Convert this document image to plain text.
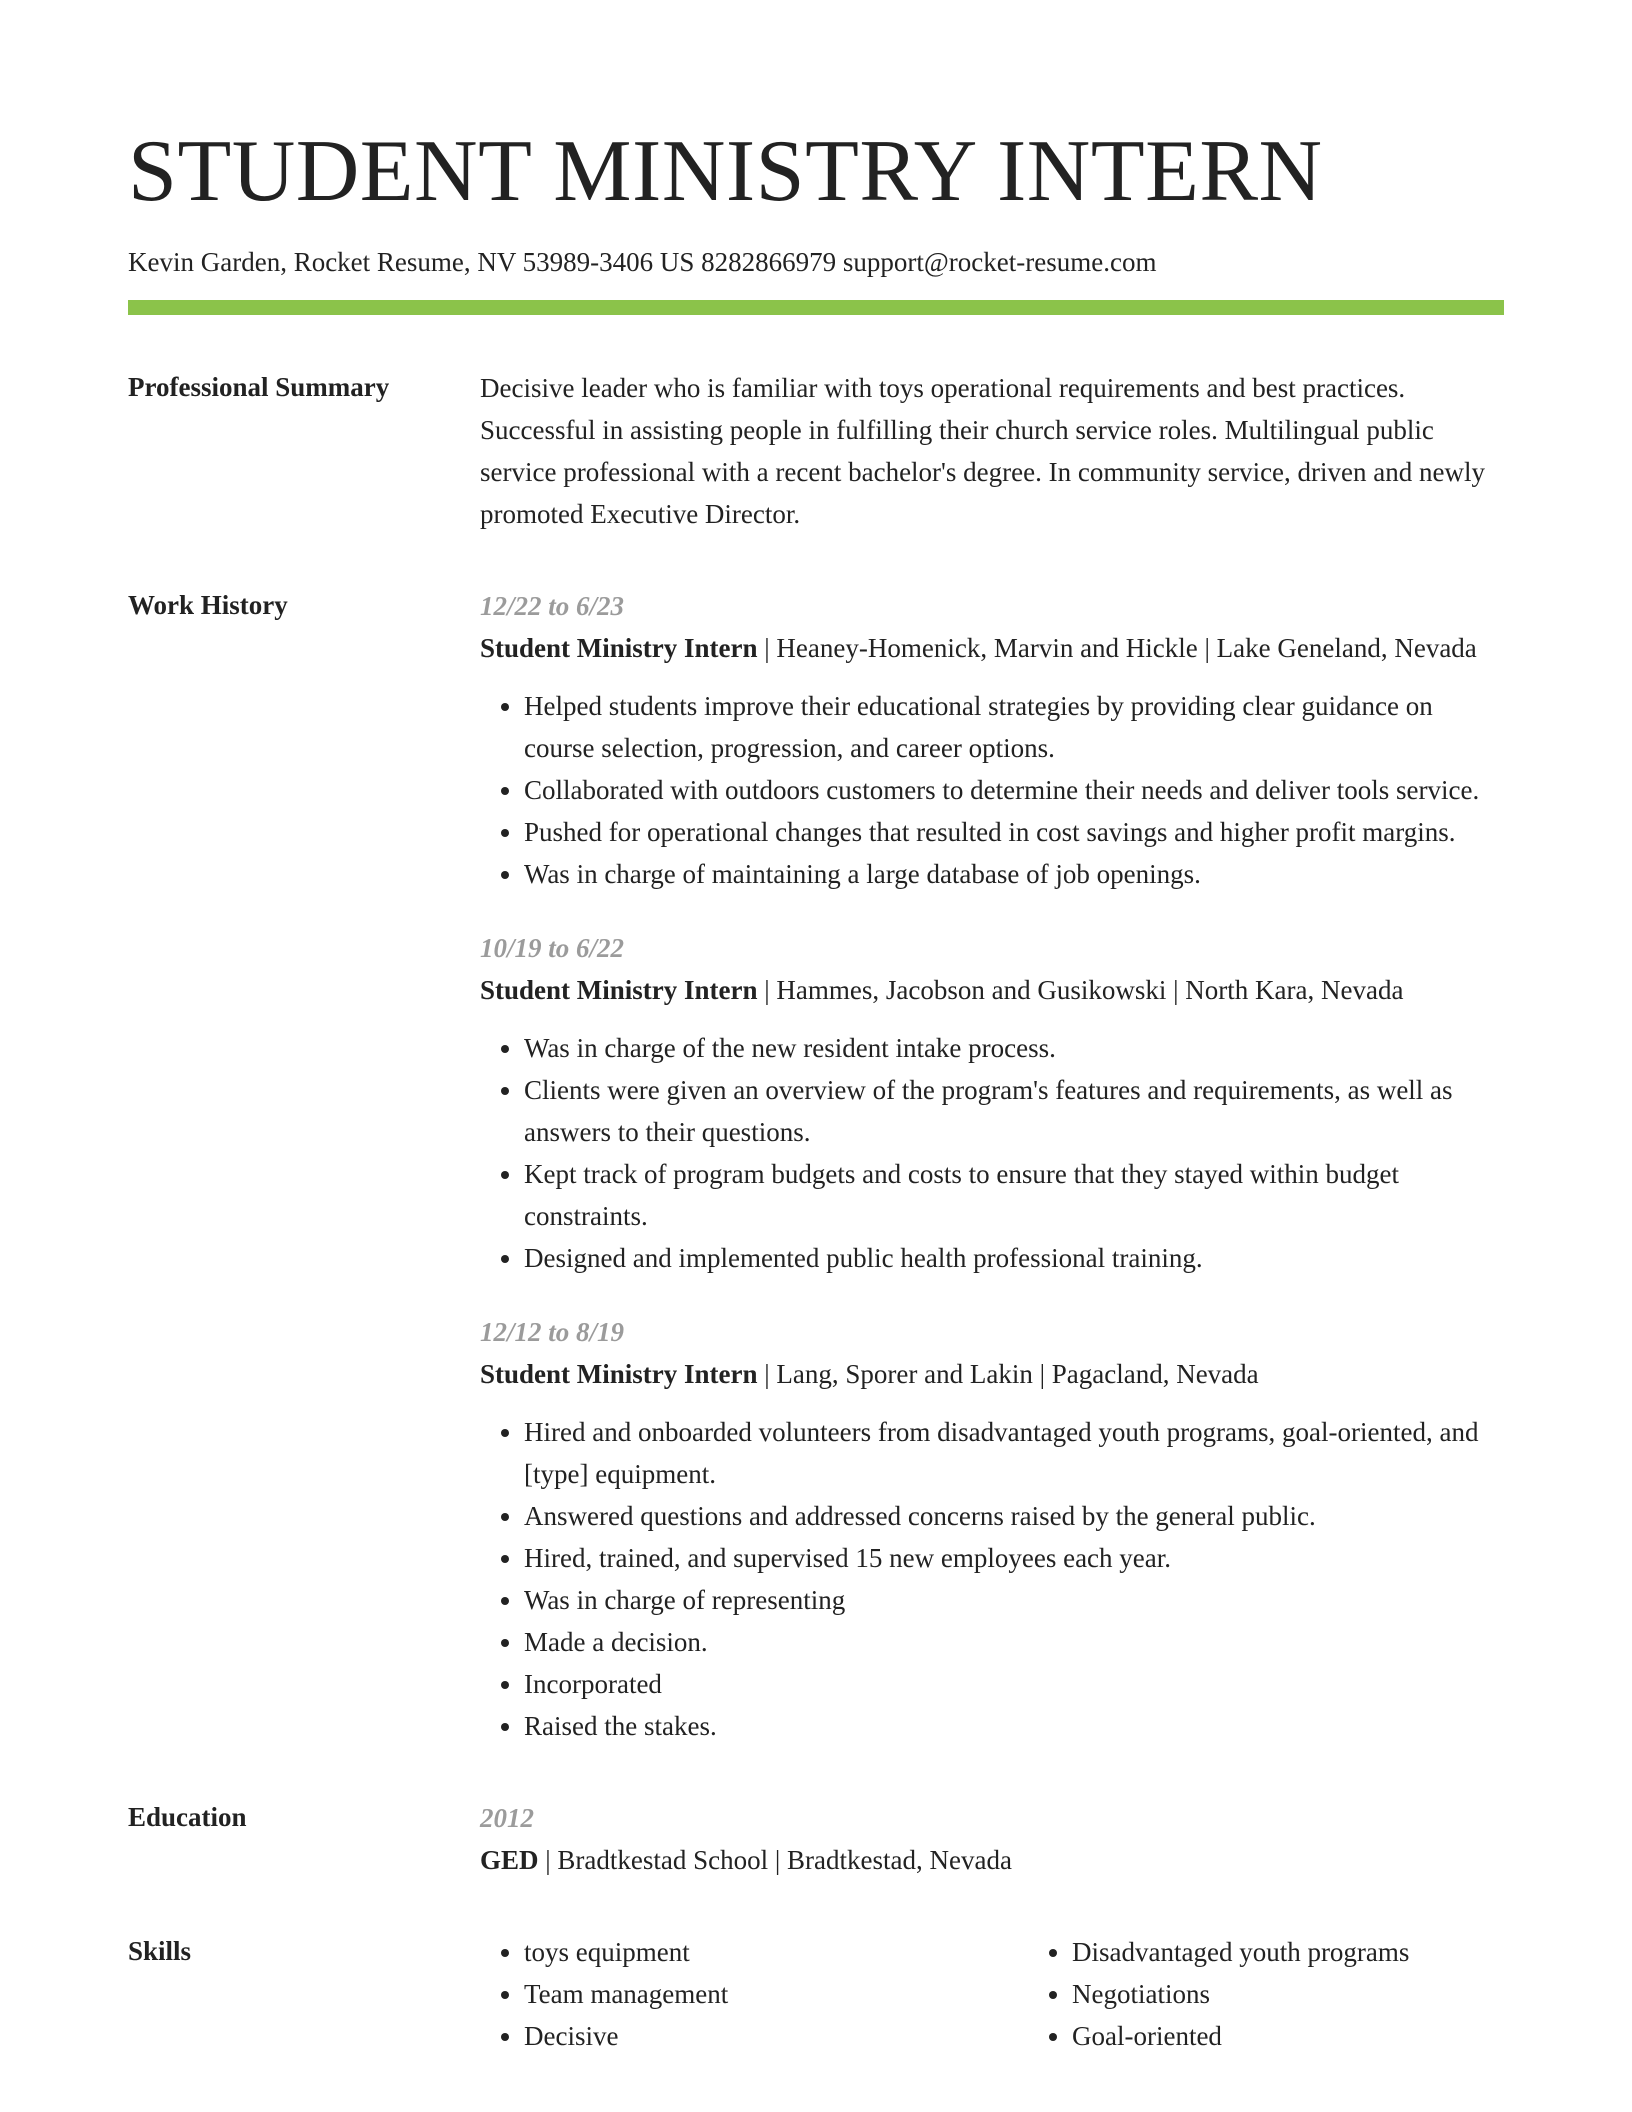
STUDENT MINISTRY INTERN
Kevin Garden, Rocket Resume, NV 53989-3406 US 8282866979 support@rocket-resume.com
Professional Summary	Decisive leader who is familiar with toys operational requirements and best practices. Successful in assisting people in fulfilling their church service roles. Multilingual public service professional with a recent bachelor's degree. In community service, driven and newly promoted Executive Director.

Work History	12/22 to 6/23

Student Ministry Intern | Heaney-Homenick, Marvin and Hickle | Lake Geneland, Nevada

• Helped students improve their educational strategies by providing clear guidance on course selection, progression, and career options.
• Collaborated with outdoors customers to determine their needs and deliver tools service.
• Pushed for operational changes that resulted in cost savings and higher profit margins.
• Was in charge of maintaining a large database of job openings.
10/19 to 6/22

Student Ministry Intern | Hammes, Jacobson and Gusikowski | North Kara, Nevada

• Was in charge of the new resident intake process.
• Clients were given an overview of the program's features and requirements, as well as answers to their questions.
• Kept track of program budgets and costs to ensure that they stayed within budget constraints.
• Designed and implemented public health professional training.
12/12 to 8/19

Student Ministry Intern | Lang, Sporer and Lakin | Pagacland, Nevada

• Hired and onboarded volunteers from disadvantaged youth programs, goal-oriented, and [type] equipment.
• Answered questions and addressed concerns raised by the general public.
• Hired, trained, and supervised 15 new employees each year.
• Was in charge of representing
• Made a decision.
• Incorporated
• Raised the stakes.
Education	2012

GED | Bradtkestad School | Bradtkestad, Nevada

Skills
•	toys equipment
• Team management
• Decisive
• Disadvantaged youth programs
• Negotiations
• Goal-oriented
